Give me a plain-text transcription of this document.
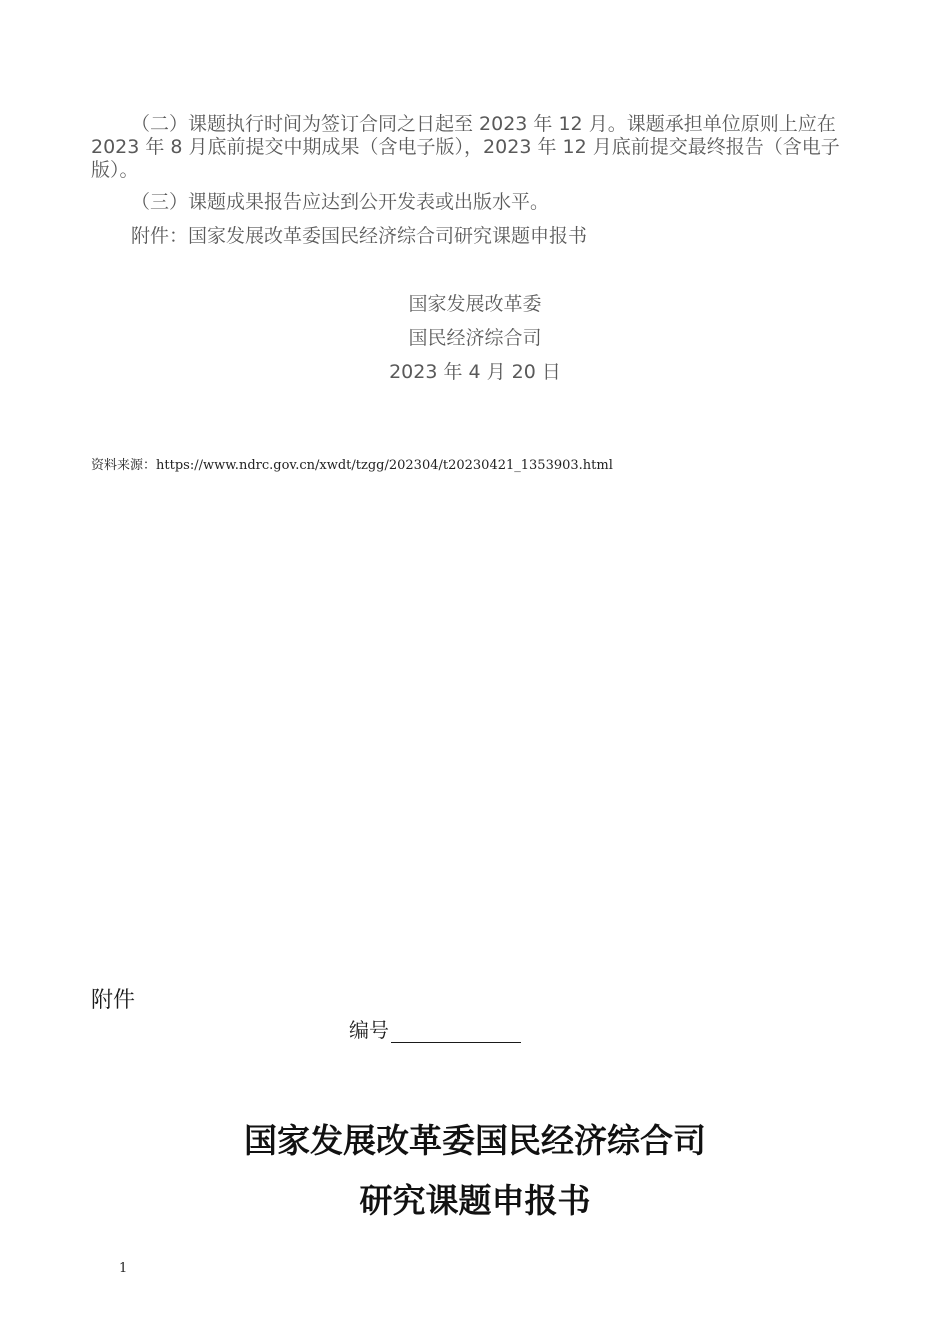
（二）课题执行时间为签订合同之日起至 2023 年 12 月。课题承担单位原则上应在 2023 年 8 月底前提交中期成果（含电子版），2023 年 12 月底前提交最终报告（含电子版）。

（三）课题成果报告应达到公开发表或出版水平。

附件：国家发展改革委国民经济综合司研究课题申报书

国家发展改革委

国民经济综合司

2023 年 4 月 20 日

资料来源：https://www.ndrc.gov.cn/xwdt/tzgg/202304/t20230421_1353903.html
附件
编号
国家发展改革委国民经济综合司
研究课题申报书
1
